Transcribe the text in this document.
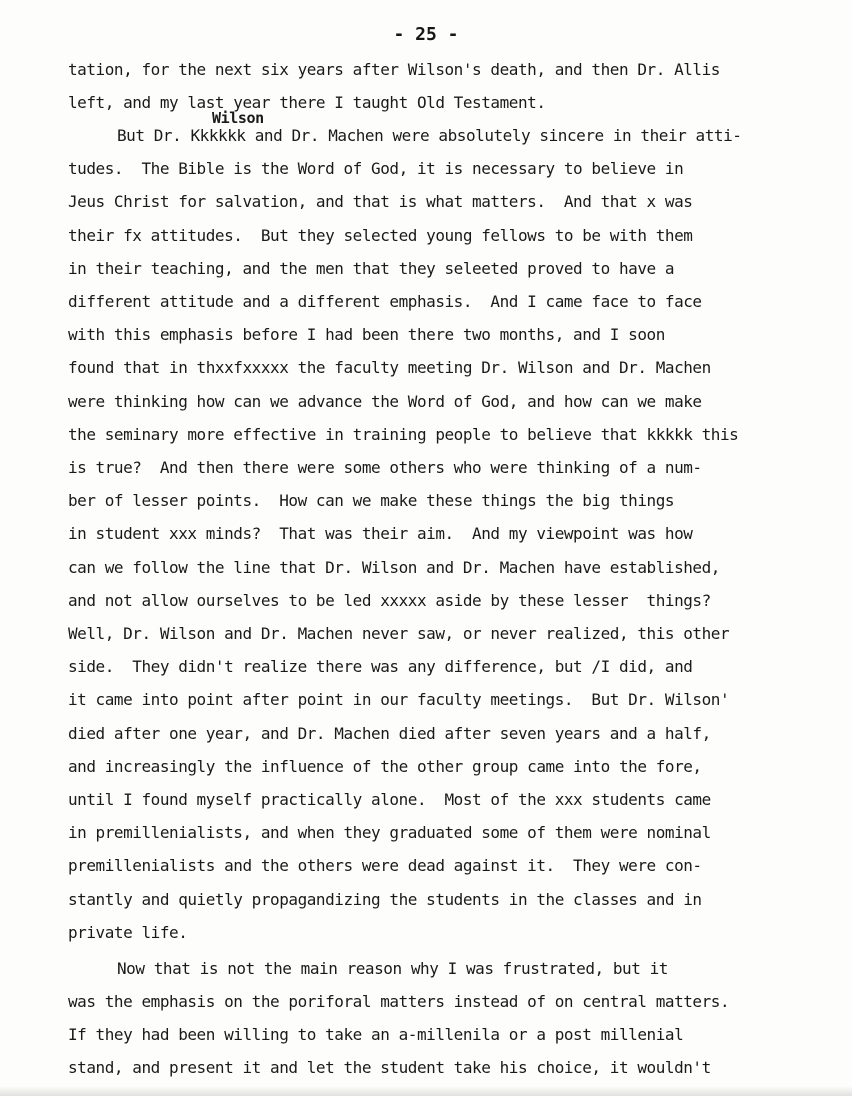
- 25 -
tation, for the next six years after Wilson's death, and then Dr. Allis
left, and my last year there I taught Old Testament.
Wilson
But Dr. Kkkkkk and Dr. Machen were absolutely sincere in their atti-
tudes.  The Bible is the Word of God, it is necessary to believe in
Jeus Christ for salvation, and that is what matters.  And that x was
their fx attitudes.  But they selected young fellows to be with them
in their teaching, and the men that they seleeted proved to have a
different attitude and a different emphasis.  And I came face to face
with this emphasis before I had been there two months, and I soon
found that in thxxfxxxxx the faculty meeting Dr. Wilson and Dr. Machen
were thinking how can we advance the Word of God, and how can we make
the seminary more effective in training people to believe that kkkkk this
is true?  And then there were some others who were thinking of a num-
ber of lesser points.  How can we make these things the big things
in student xxx minds?  That was their aim.  And my viewpoint was how
can we follow the line that Dr. Wilson and Dr. Machen have established,
and not allow ourselves to be led xxxxx aside by these lesser  things?
Well, Dr. Wilson and Dr. Machen never saw, or never realized, this other
side.  They didn't realize there was any difference, but /I did, and
it came into point after point in our faculty meetings.  But Dr. Wilson'
died after one year, and Dr. Machen died after seven years and a half,
and increasingly the influence of the other group came into the fore,
until I found myself practically alone.  Most of the xxx students came
in premillenialists, and when they graduated some of them were nominal
premillenialists and the others were dead against it.  They were con-
stantly and quietly propagandizing the students in the classes and in
private life.
Now that is not the main reason why I was frustrated, but it
was the emphasis on the poriforal matters instead of on central matters.
If they had been willing to take an a-millenila or a post millenial
stand, and present it and let the student take his choice, it wouldn't
